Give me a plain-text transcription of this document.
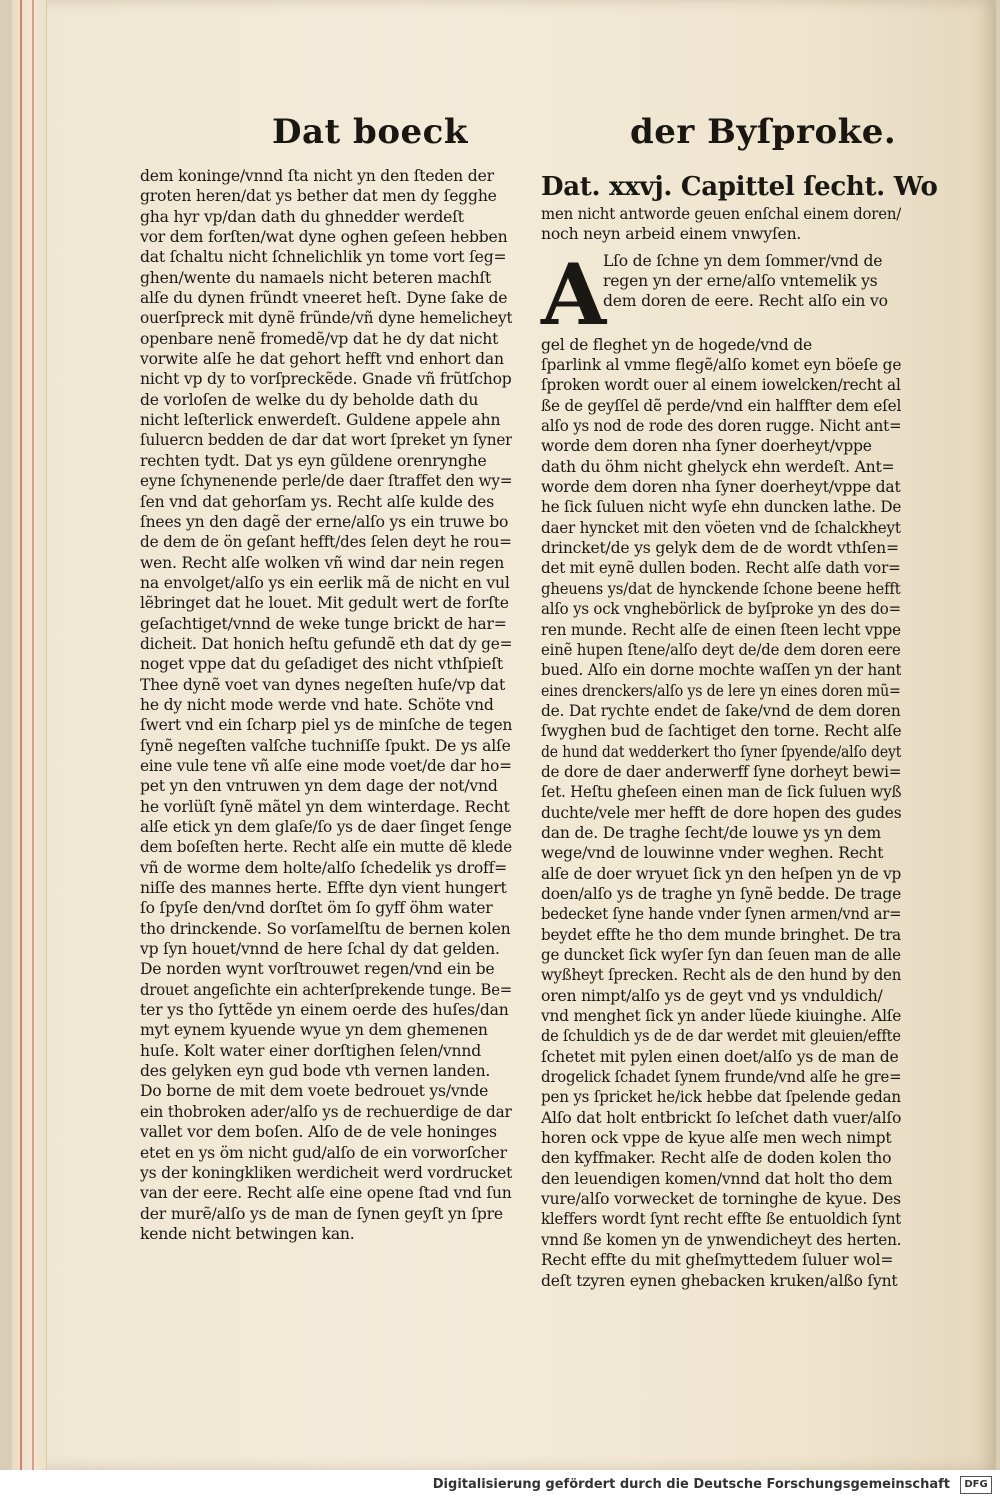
Dat boeck	der Byſproke.
dem koninge/vnnd ſta nicht yn den ſteden der
groten heren/dat ys bether dat men dy ſegghe
gha hyr vp/dan dath du ghnedder werdeſt
vor dem forſten/wat dyne oghen geſeen hebben
dat ſchaltu nicht ſchnelichlik yn tome vort ſeg=
ghen/wente du namaels nicht beteren machſt
alſe du dynen frũndt vneeret heſt. Dyne ſake de
ouerſpreck mit dynẽ frũnde/vñ dyne hemelicheyt
openbare nenẽ fromedẽ/vp dat he dy dat nicht
vorwite alſe he dat gehort hefft vnd enhort dan
nicht vp dy to vorſpreckẽde. Gnade vñ frũtſchop
de vorloſen de welke du dy beholde dath du
nicht leſterlick enwerdeſt. Guldene appele ahn
ſuluercn bedden de dar dat wort ſpreket yn ſyner
rechten tydt. Dat ys eyn gũldene orenrynghe
eyne ſchynenende perle/de daer ſtraffet den wy=
ſen vnd dat gehorſam ys. Recht alſe kulde des
ſnees yn den dagẽ der erne/alſo ys ein truwe bo
de dem de ön geſant hefft/des ſelen deyt he rou=
wen. Recht alſe wolken vñ wind dar nein regen
na envolget/alſo ys ein eerlik mã de nicht en vul
lẽbringet dat he louet. Mit gedult wert de forſte
geſachtiget/vnnd de weke tunge brickt de har=
dicheit. Dat honich heſtu gefundẽ eth dat dy ge=
noget vppe dat du geſadiget des nicht vthſpieſt
Thee dynẽ voet van dynes negeſten huſe/vp dat
he dy nicht mode werde vnd hate. Schöte vnd
ſwert vnd ein ſcharp piel ys de minſche de tegen
ſynẽ negeſten valſche tuchniſſe ſpukt. De ys alſe
eine vule tene vñ alſe eine mode voet/de dar ho=
pet yn den vntruwen yn dem dage der not/vnd
he vorlüſt ſynẽ mãtel yn dem winterdage. Recht
alſe etick yn dem glaſe/ſo ys de daer ſinget ſenge
dem boſeſten herte. Recht alſe ein mutte dẽ klede
vñ de worme dem holte/alſo ſchedelik ys droff=
niſſe des mannes herte. Effte dyn vient hungert
ſo ſpyſe den/vnd dorſtet öm ſo gyff öhm water
tho drinckende. So vorſamelſtu de bernen kolen
vp ſyn houet/vnnd de here ſchal dy dat gelden.
De norden wynt vorſtrouwet regen/vnd ein be
drouet angeſichte ein achterſprekende tunge. Be=
ter ys tho ſyttẽde yn einem oerde des huſes/dan
myt eynem kyuende wyue yn dem ghemenen
huſe. Kolt water einer dorſtighen ſelen/vnnd
des gelyken eyn gud bode vth vernen landen.
Do borne de mit dem voete bedrouet ys/vnde
ein thobroken ader/alſo ys de rechuerdige de dar
vallet vor dem boſen. Alſo de de vele honinges
etet en ys öm nicht gud/alſo de ein vorworſcher
ys der koningkliken werdicheit werd vordrucket
van der eere. Recht alſe eine opene ſtad vnd ſun
der murẽ/alſo ys de man de ſynen geyſt yn ſpre
kende nicht betwingen kan.
Dat. xxvj. Capittel ſecht. Wo
men nicht antworde geuen enſchal einem doren/
noch neyn arbeid einem vnwyſen.
A
Lſo de ſchne yn dem ſommer/vnd de
regen yn der erne/alſo vntemelik ys
dem doren de eere. Recht alſo ein vo
gel de fleghet yn de hogede/vnd de
ſparlink al vmme flegẽ/alſo komet eyn böeſe ge
ſproken wordt ouer al einem iowelcken/recht al
ße de geyſſel dẽ perde/vnd ein halffter dem eſel
alſo ys nod de rode des doren rugge. Nicht ant=
worde dem doren nha ſyner doerheyt/vppe
dath du öhm nicht ghelyck ehn werdeſt. Ant=
worde dem doren nha ſyner doerheyt/vppe dat
he ſick ſuluen nicht wyſe ehn duncken lathe. De
daer hyncket mit den vöeten vnd de ſchalckheyt
drincket/de ys gelyk dem de de wordt vthſen=
det mit eynẽ dullen boden. Recht alſe dath vor=
gheuens ys/dat de hynckende ſchone beene hefft
alſo ys ock vnghebörlick de byſproke yn des do=
ren munde. Recht alſe de einen ſteen lecht vppe
einẽ hupen ſtene/alſo deyt de/de dem doren eere
bued. Alſo ein dorne mochte waſſen yn der hant
eines drenckers/alſo ys de lere yn eines doren mũ=
de. Dat rychte endet de ſake/vnd de dem doren
ſwyghen bud de ſachtiget den torne. Recht alſe
de hund dat wedderkert tho ſyner ſpyende/alſo deyt
de dore de daer anderwerff ſyne dorheyt bewi=
ſet. Heſtu gheſeen einen man de ſick ſuluen wyß
duchte/vele mer hefft de dore hopen des gudes
dan de. De traghe ſecht/de louwe ys yn dem
wege/vnd de louwinne vnder weghen. Recht
alſe de doer wryuet ſick yn den heſpen yn de vp
doen/alſo ys de traghe yn ſynẽ bedde. De trage
bedecket ſyne hande vnder ſynen armen/vnd ar=
beydet effte he tho dem munde bringhet. De tra
ge duncket ſick wyſer ſyn dan ſeuen man de alle
wyßheyt ſprecken. Recht als de den hund by den
oren nimpt/alſo ys de geyt vnd ys vnduldich/
vnd menghet ſick yn ander lũede kiuinghe. Alſe
de ſchuldich ys de de dar werdet mit gleuien/effte
ſchetet mit pylen einen doet/alſo ys de man de
drogelick ſchadet ſynem frunde/vnd alſe he gre=
pen ys ſpricket he/ick hebbe dat ſpelende gedan
Alſo dat holt entbrickt ſo leſchet dath vuer/alſo
horen ock vppe de kyue alſe men wech nimpt
den kyffmaker. Recht alſe de doden kolen tho
den leuendigen komen/vnnd dat holt tho dem
vure/alſo vorwecket de torninghe de kyue. Des
kleffers wordt ſynt recht effte ße entuoldich ſynt
vnnd ße komen yn de ynwendicheyt des herten.
Recht effte du mit gheſmyttedem ſuluer wol=
deſt tzyren eynen ghebacken kruken/alßo ſynt
Digitalisierung gefördert durch die Deutsche Forschungsgemeinschaft	DFG
